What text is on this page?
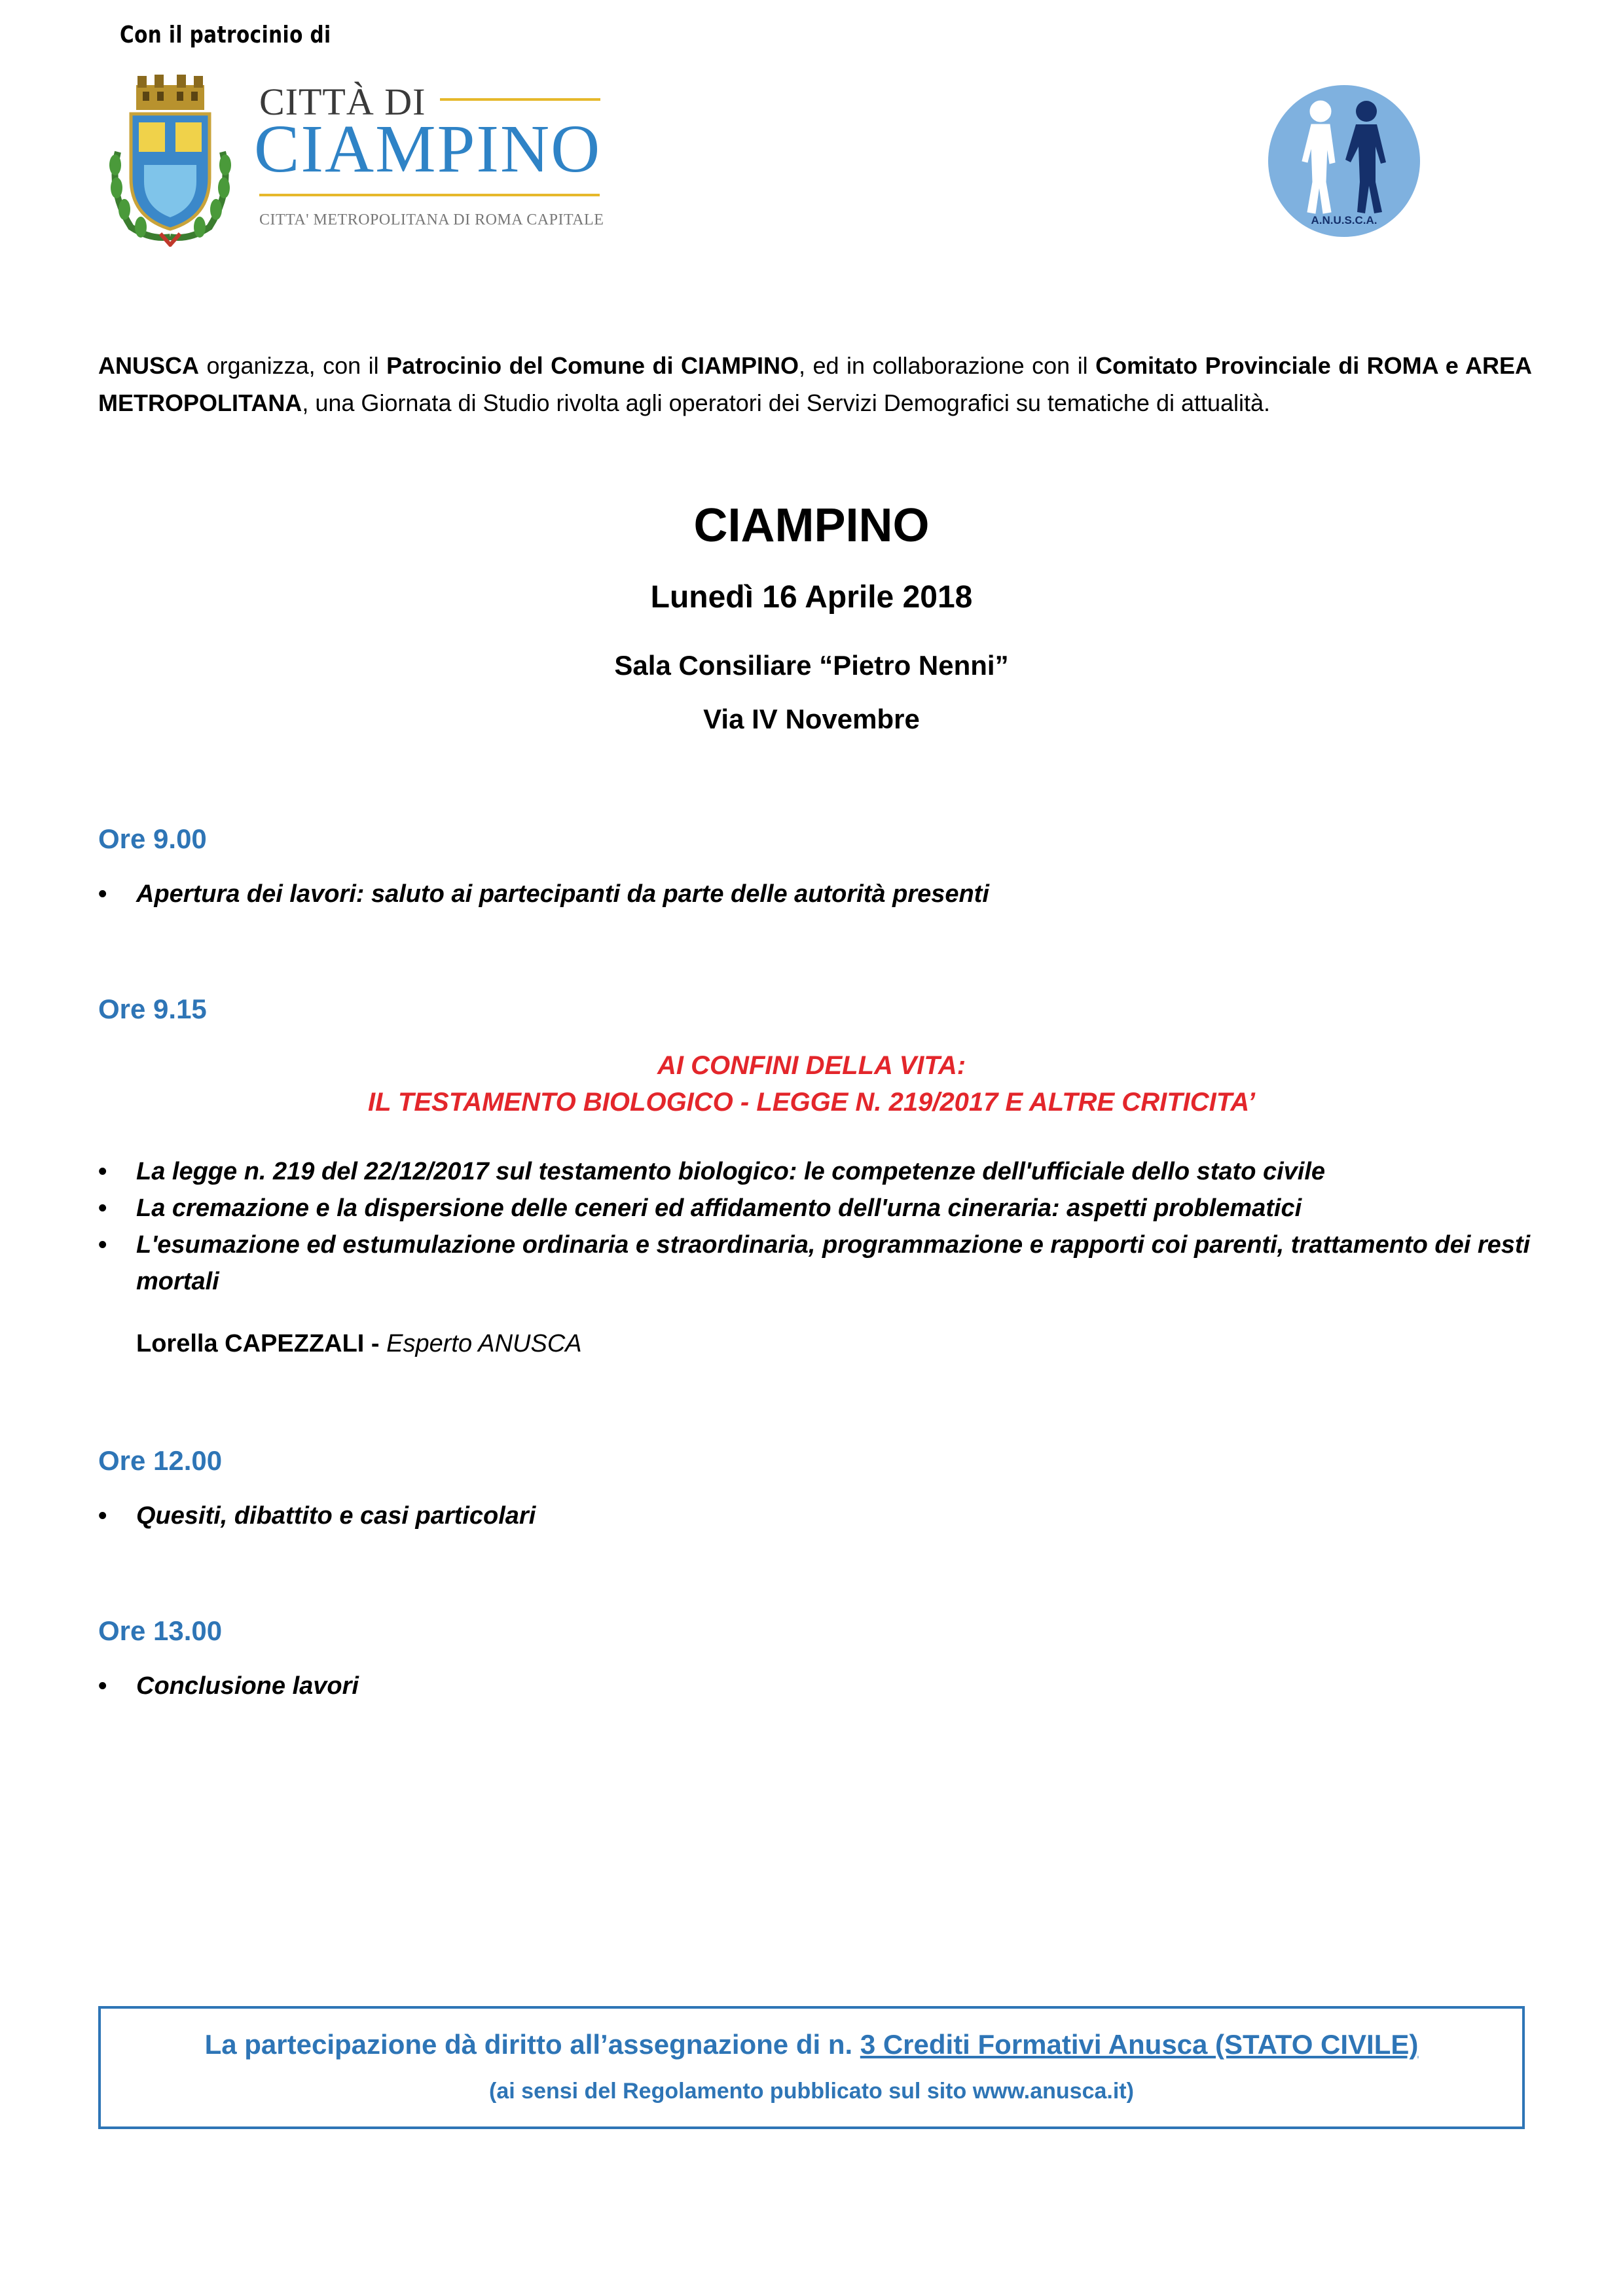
Con il patrocinio di
CITTÀ DI
CIAMPINO
CITTA' METROPOLITANA DI ROMA CAPITALE	A.N.U.S.C.A.
ANUSCA organizza, con il Patrocinio del Comune di CIAMPINO, ed in collaborazione con il Comitato Provinciale di ROMA e AREA METROPOLITANA, una Giornata di Studio rivolta agli operatori dei Servizi Demografici su tematiche di attualità.
CIAMPINO
Lunedì 16 Aprile 2018
Sala Consiliare “Pietro Nenni”
Via IV Novembre
Ore 9.00
• Apertura dei lavori: saluto ai partecipanti da parte delle autorità presenti
Ore 9.15
AI CONFINI DELLA VITA:
IL TESTAMENTO BIOLOGICO - LEGGE N. 219/2017 E ALTRE CRITICITA’
• La legge n. 219 del 22/12/2017 sul testamento biologico: le competenze dell'ufficiale dello stato civile
• La cremazione e la dispersione delle ceneri ed affidamento dell'urna cineraria: aspetti problematici
• L'esumazione ed estumulazione ordinaria e straordinaria, programmazione e rapporti coi parenti, trattamento dei resti mortali
Lorella CAPEZZALI - Esperto ANUSCA
Ore 12.00
• Quesiti, dibattito e casi particolari
Ore 13.00
• Conclusione lavori
La partecipazione dà diritto all’assegnazione di n. 3 Crediti Formativi Anusca (STATO CIVILE)
(ai sensi del Regolamento pubblicato sul sito www.anusca.it)
